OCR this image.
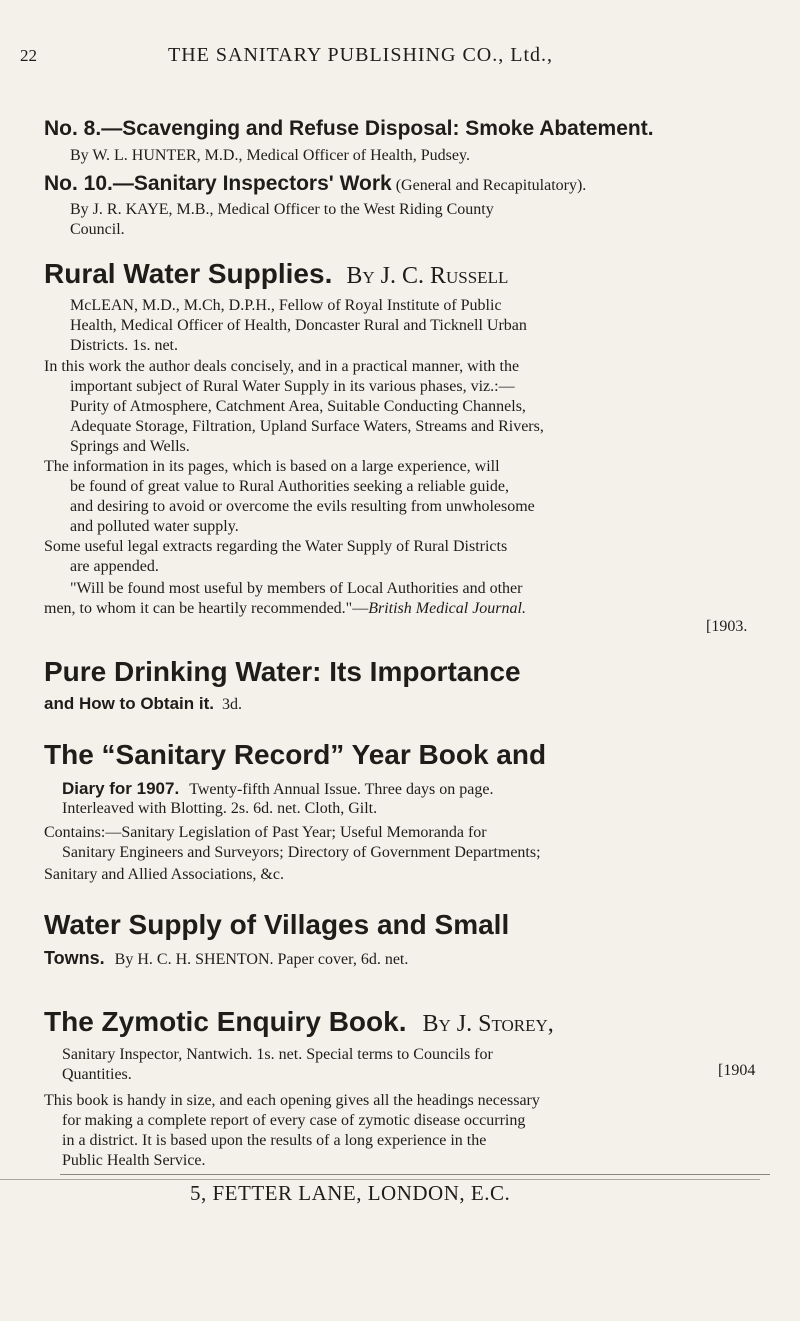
22	THE SANITARY PUBLISHING CO., Ltd.,
No. 8.—Scavenging and Refuse Disposal: Smoke Abatement.
By W. L. HUNTER, M.D., Medical Officer of Health, Pudsey.
No. 10.—Sanitary Inspectors' Work (General and Recapitulatory).
By J. R. KAYE, M.B., Medical Officer to the West Riding County
Council.
Rural Water Supplies. By J. C. Russell
McLEAN, M.D., M.Ch, D.P.H., Fellow of Royal Institute of Public
Health, Medical Officer of Health, Doncaster Rural and Ticknell Urban
Districts. 1s. net.
In this work the author deals concisely, and in a practical manner, with the
important subject of Rural Water Supply in its various phases, viz.:—
Purity of Atmosphere, Catchment Area, Suitable Conducting Channels,
Adequate Storage, Filtration, Upland Surface Waters, Streams and Rivers,
Springs and Wells.
The information in its pages, which is based on a large experience, will
be found of great value to Rural Authorities seeking a reliable guide,
and desiring to avoid or overcome the evils resulting from unwholesome
and polluted water supply.
Some useful legal extracts regarding the Water Supply of Rural Districts
are appended.
"Will be found most useful by members of Local Authorities and other
men, to whom it can be heartily recommended."—British Medical Journal.
[1903.
Pure Drinking Water: Its Importance
and How to Obtain it. 3d.
The “Sanitary Record” Year Book and
Diary for 1907. Twenty-fifth Annual Issue. Three days on page.
Interleaved with Blotting. 2s. 6d. net. Cloth, Gilt.
Contains:—Sanitary Legislation of Past Year; Useful Memoranda for
Sanitary Engineers and Surveyors; Directory of Government Departments;
Sanitary and Allied Associations, &c.
Water Supply of Villages and Small
Towns. By H. C. H. SHENTON. Paper cover, 6d. net.
The Zymotic Enquiry Book. By J. Storey,
Sanitary Inspector, Nantwich. 1s. net. Special terms to Councils for
Quantities.	[1904
This book is handy in size, and each opening gives all the headings necessary
for making a complete report of every case of zymotic disease occurring
in a district. It is based upon the results of a long experience in the
Public Health Service.
5, FETTER LANE, LONDON, E.C.
